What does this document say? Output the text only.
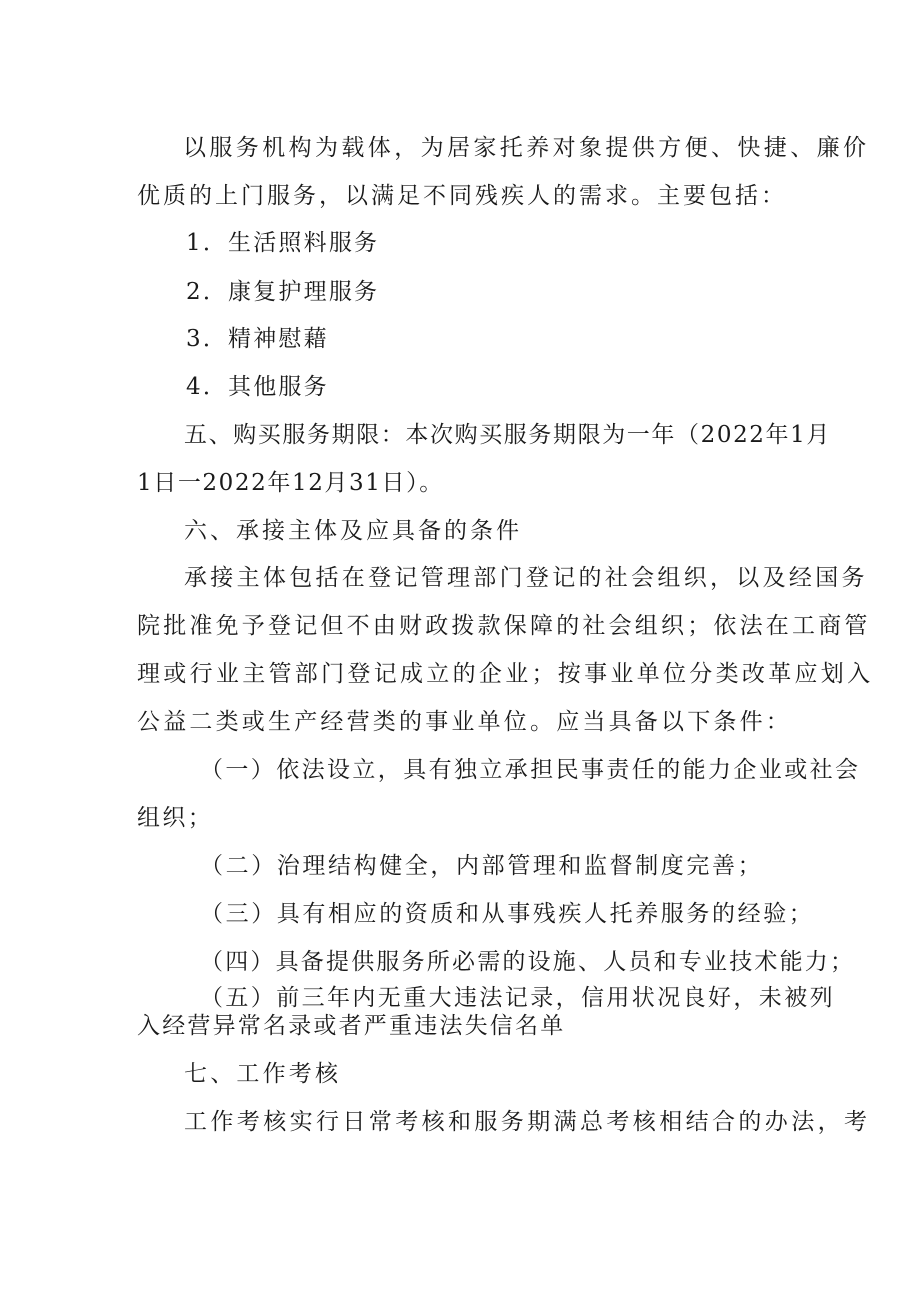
以服务机构为载体，为居家托养对象提供方便、快捷、廉价
优质的上门服务，以满足不同残疾人的需求。主要包括：
1．生活照料服务
2．康复护理服务
3．精神慰藉
4．其他服务
五、购买服务期限：本次购买服务期限为一年（2022年1月
1日一2022年12月31日）。
六、承接主体及应具备的条件
承接主体包括在登记管理部门登记的社会组织，以及经国务
院批准免予登记但不由财政拨款保障的社会组织；依法在工商管
理或行业主管部门登记成立的企业；按事业单位分类改革应划入
公益二类或生产经营类的事业单位。应当具备以下条件：
（一）依法设立，具有独立承担民事责任的能力企业或社会
组织；
（二）治理结构健全，内部管理和监督制度完善；
（三）具有相应的资质和从事残疾人托养服务的经验；
（四）具备提供服务所必需的设施、人员和专业技术能力；
（五）前三年内无重大违法记录，信用状况良好，未被列
入经营异常名录或者严重违法失信名单
七、工作考核
工作考核实行日常考核和服务期满总考核相结合的办法，考
